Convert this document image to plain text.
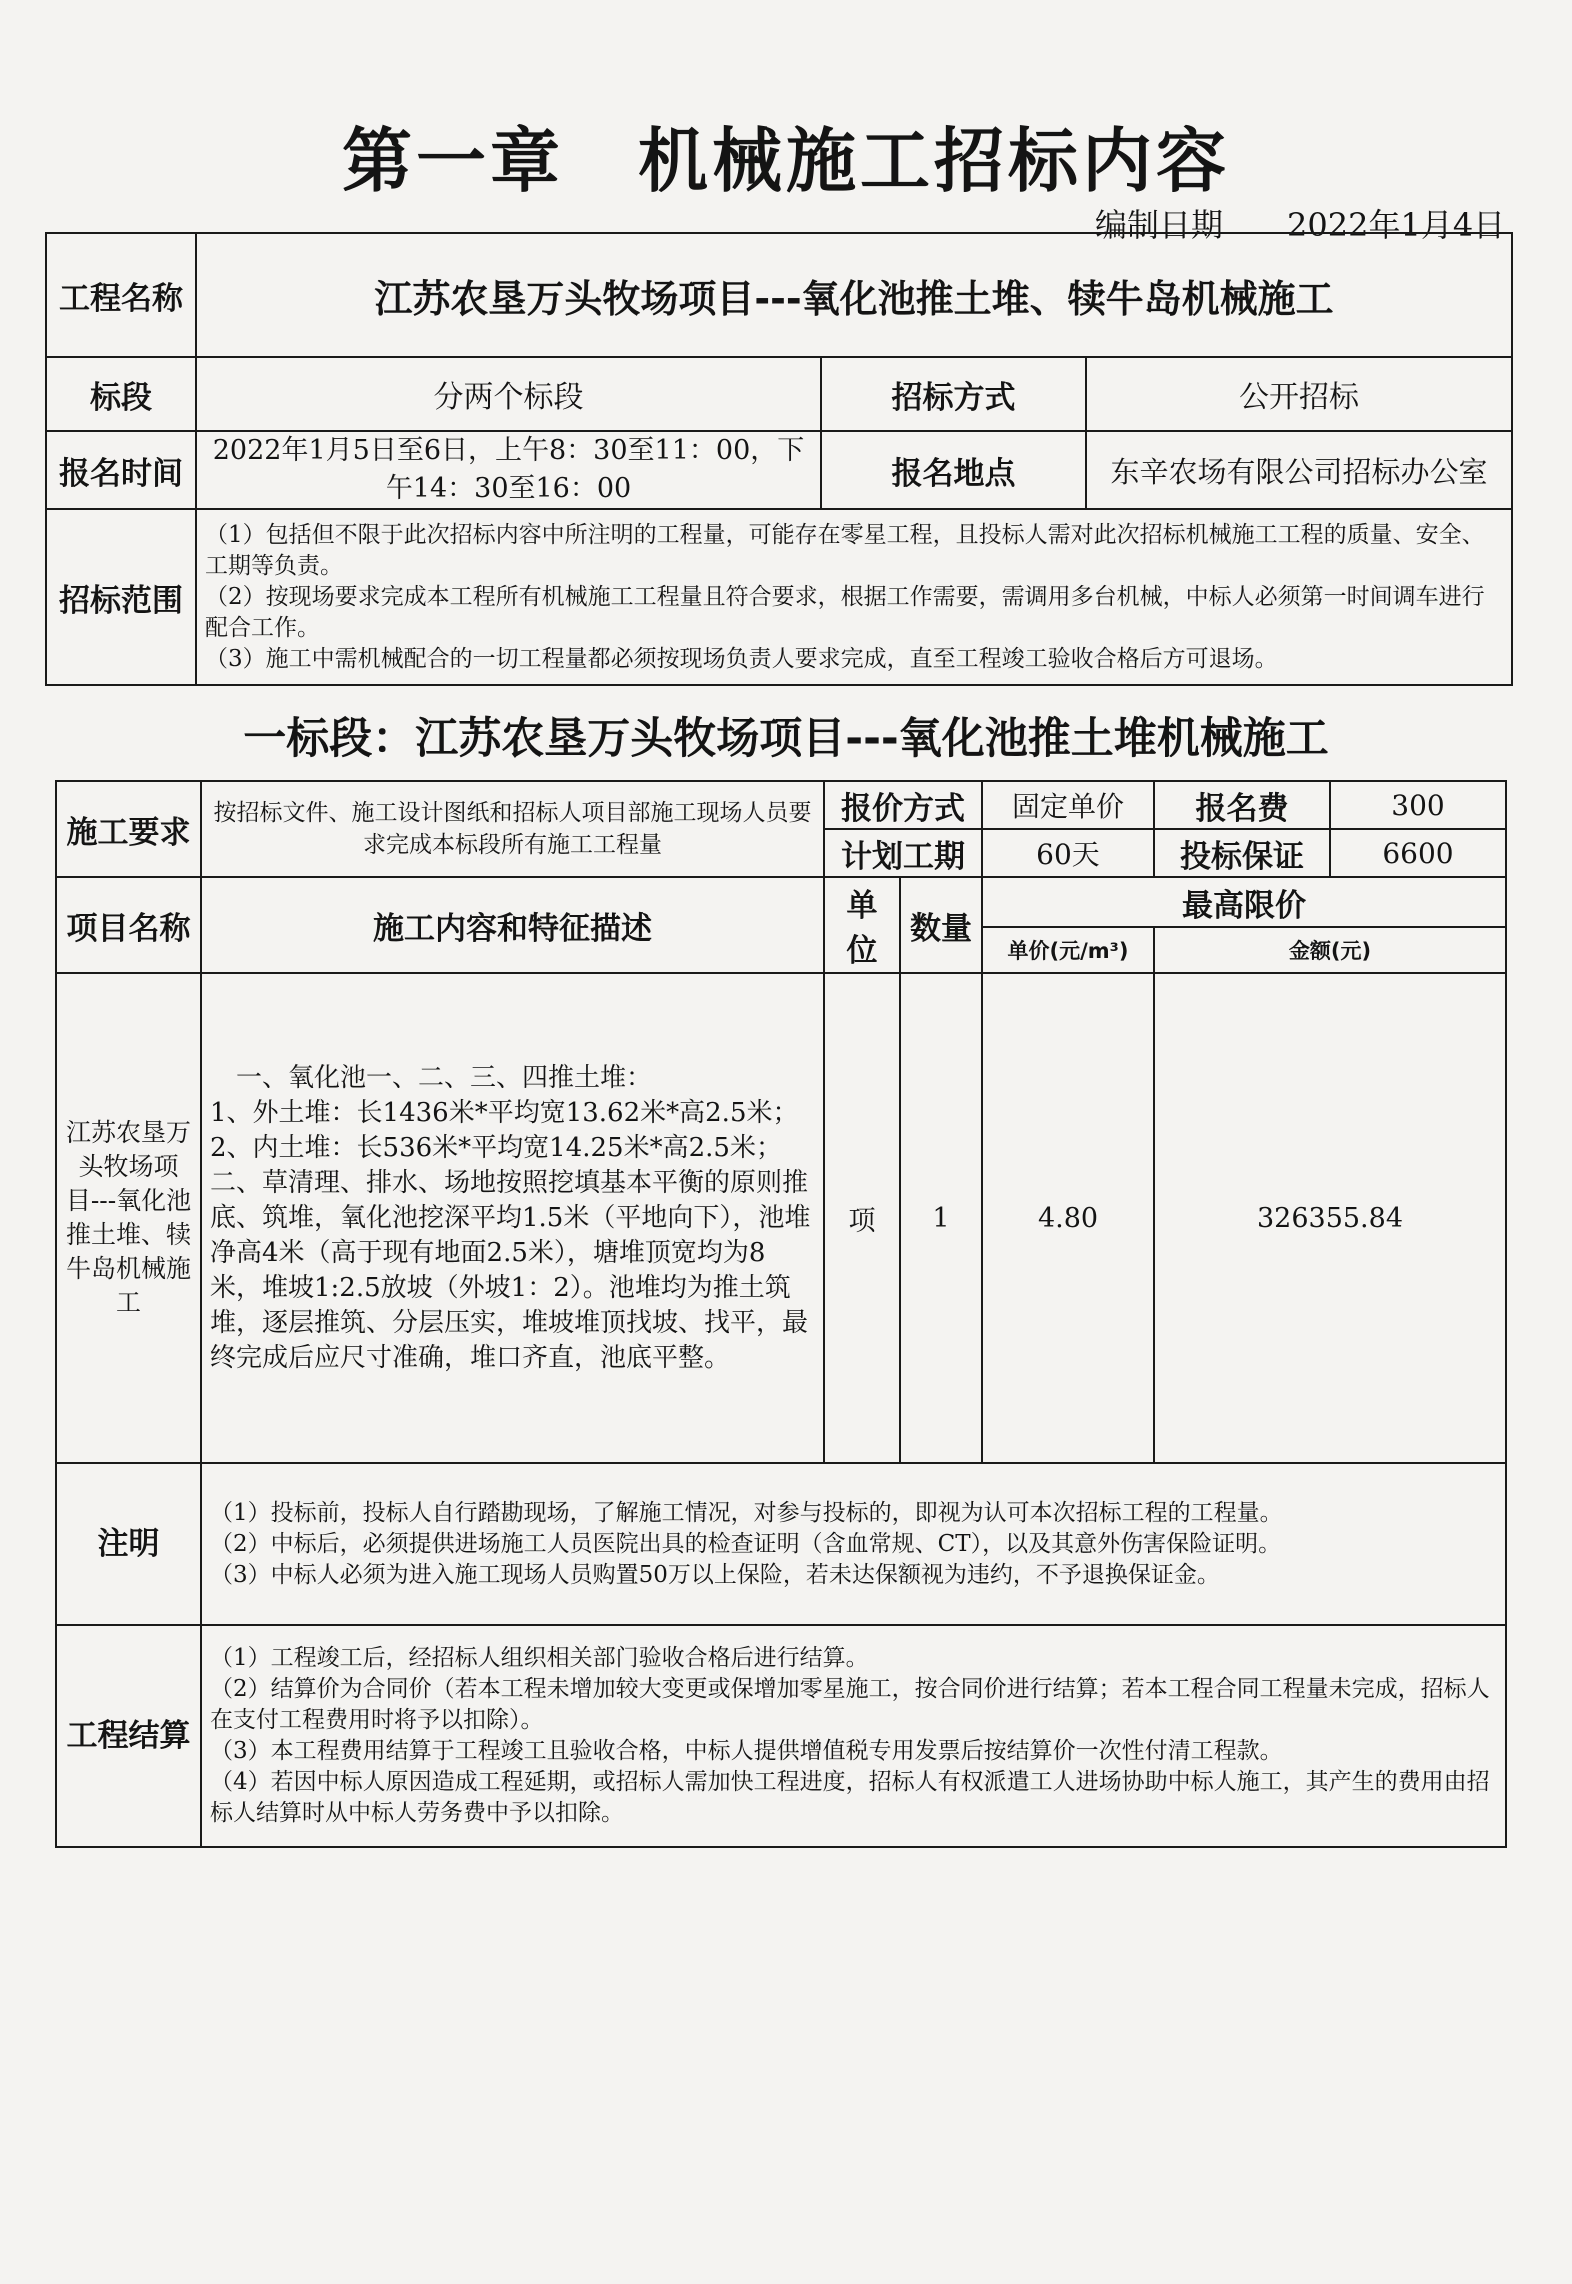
第一章　机械施工招标内容
编制日期 2022年1月4日
工程名称	江苏农垦万头牧场项目---氧化池推土堆、犊牛岛机械施工		
标段	分两个标段	招标方式	公开招标
报名时间	2022年1月5日至6日，上午8：30至11：00，下午14：30至16：00	报名地点	东辛农场有限公司招标办公室
招标范围	（1）包括但不限于此次招标内容中所注明的工程量，可能存在零星工程，且投标人需对此次招标机械施工工程的质量、安全、工期等负责。
（2）按现场要求完成本工程所有机械施工工程量且符合要求，根据工作需要，需调用多台机械，中标人必须第一时间调车进行配合工作。
（3）施工中需机械配合的一切工程量都必须按现场负责人要求完成，直至工程竣工验收合格后方可退场。		
一标段：江苏农垦万头牧场项目---氧化池推土堆机械施工
施工要求	按招标文件、施工设计图纸和招标人项目部施工现场人员要求完成本标段所有施工工程量	报价方式		固定单价	报名费	300
		计划工期		60天	投标保证	6600
项目名称	施工内容和特征描述	单位	数量	最高限价		
				单价(元/m³)	金额(元)	
江苏农垦万头牧场项目---氧化池推土堆、犊牛岛机械施工	　一、氧化池一、二、三、四推土堆：
1、外土堆：长1436米*平均宽13.62米*高2.5米；
2、内土堆：长536米*平均宽14.25米*高2.5米；
二、草清理、排水、场地按照挖填基本平衡的原则推底、筑堆，氧化池挖深平均1.5米（平地向下），池堆净高4米（高于现有地面2.5米），塘堆顶宽均为8米，堆坡1:2.5放坡（外坡1：2）。池堆均为推土筑堆，逐层推筑、分层压实，堆坡堆顶找坡、找平，最终完成后应尺寸准确，堆口齐直，池底平整。	项	1	4.80	326355.84	
注明	（1）投标前，投标人自行踏勘现场，了解施工情况，对参与投标的，即视为认可本次招标工程的工程量。
（2）中标后，必须提供进场施工人员医院出具的检查证明（含血常规、CT），以及其意外伤害保险证明。
（3）中标人必须为进入施工现场人员购置50万以上保险，若未达保额视为违约，不予退换保证金。					

工程结算	（1）工程竣工后，经招标人组织相关部门验收合格后进行结算。
（2）结算价为合同价（若本工程未增加较大变更或保增加零星施工，按合同价进行结算；若本工程合同工程量未完成，招标人在支付工程费用时将予以扣除）。
（3）本工程费用结算于工程竣工且验收合格，中标人提供增值税专用发票后按结算价一次性付清工程款。
（4）若因中标人原因造成工程延期，或招标人需加快工程进度，招标人有权派遣工人进场协助中标人施工，其产生的费用由招标人结算时从中标人劳务费中予以扣除。					
